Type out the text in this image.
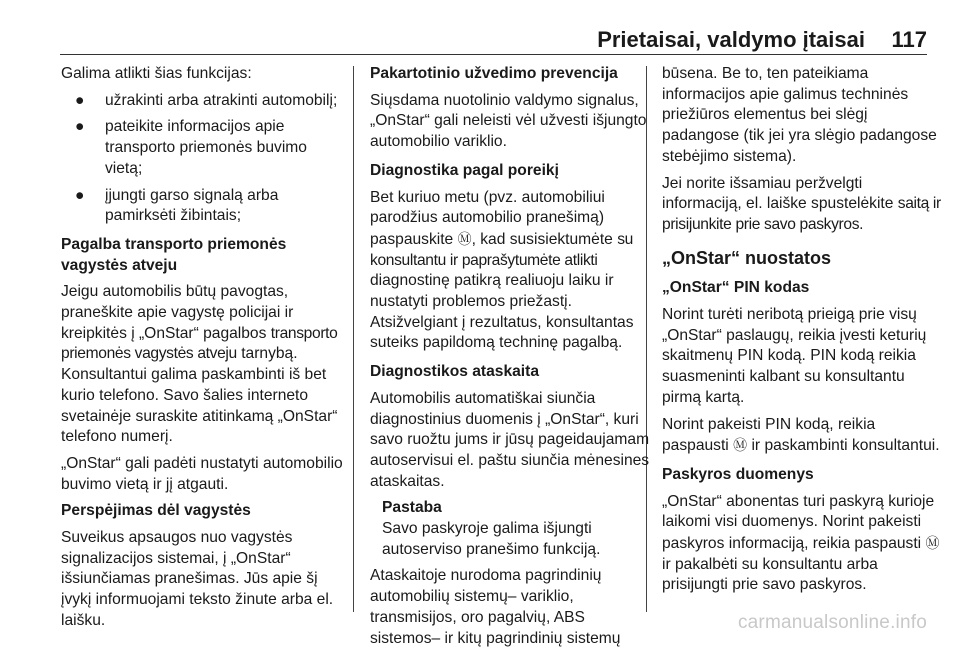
Prietaisai, valdymo įtaisai 117

Galima atlikti šias funkcijas:

● užrakinti arba atrakinti automobilį;
● pateikite informacijos apie transporto priemonės buvimo vietą;
● įjungti garso signalą arba pamirksėti žibintais;

Pagalba transporto priemonės vagystės atveju

Jeigu automobilis būtų pavogtas, praneškite apie vagystę policijai ir kreipkitės į „OnStar“ pagalbos transporto priemonės vagystės atveju tarnybą. Konsultantui galima paskambinti iš bet kurio telefono. Savo šalies interneto svetainėje suraskite atitinkamą „OnStar“ telefono numerį.

„OnStar“ gali padėti nustatyti automobilio buvimo vietą ir jį atgauti.

Perspėjimas dėl vagystės

Suveikus apsaugos nuo vagystės signalizacijos sistemai, į „OnStar“ išsiunčiamas pranešimas. Jūs apie šį įvykį informuojami teksto žinute arba el. laišku.

Pakartotinio užvedimo prevencija

Siųsdama nuotolinio valdymo signalus, „OnStar“ gali neleisti vėl užvesti išjungto automobilio variklio.

Diagnostika pagal poreikį

Bet kuriuo metu (pvz. automobiliui parodžius automobilio pranešimą) paspauskite Ⓜ, kad susisiektumėte su konsultantu ir paprašytumėte atlikti diagnostinę patikrą realiuoju laiku ir nustatyti problemos priežastį.
Atsižvelgiant į rezultatus, konsultantas suteiks papildomą techninę pagalbą.

Diagnostikos ataskaita

Automobilis automatiškai siunčia diagnostinius duomenis į „OnStar“, kuri savo ruožtu jums ir jūsų pageidaujamam autoservisui el. paštu siunčia mėnesines ataskaitas.

Pastaba
Savo paskyroje galima išjungti autoserviso pranešimo funkciją.

Ataskaitoje nurodoma pagrindinių automobilių sistemų– variklio, transmisijos, oro pagalvių, ABS sistemos– ir kitų pagrindinių sistemų

būsena. Be to, ten pateikiama informacijos apie galimus techninės priežiūros elementus bei slėgį padangose (tik jei yra slėgio padangose stebėjimo sistema).

Jei norite išsamiau peržvelgti informaciją, el. laiške spustelėkite saitą ir prisijunkite prie savo paskyros.

„OnStar“ nuostatos

„OnStar“ PIN kodas

Norint turėti neribotą prieigą prie visų „OnStar“ paslaugų, reikia įvesti keturių skaitmenų PIN kodą. PIN kodą reikia suasmeninti kalbant su konsultantu pirmą kartą.

Norint pakeisti PIN kodą, reikia paspausti Ⓜ ir paskambinti konsultantui.

Paskyros duomenys

„OnStar“ abonentas turi paskyrą kurioje laikomi visi duomenys. Norint pakeisti paskyros informaciją, reikia paspausti Ⓜ ir pakalbėti su konsultantu arba prisijungti prie savo paskyros.

carmanualsonline.info
